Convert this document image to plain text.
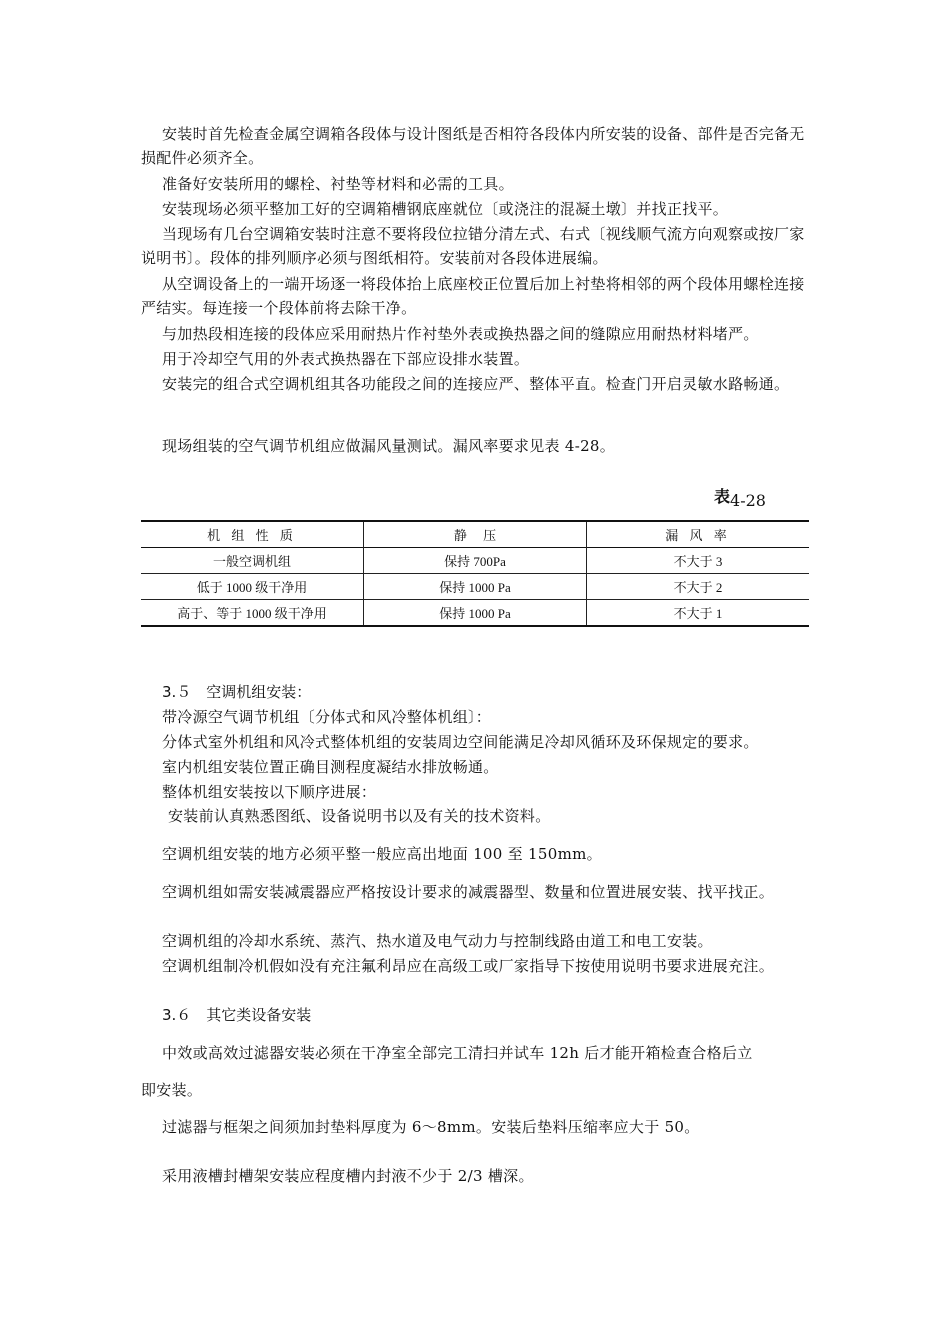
安装时首先检查金属空调箱各段体与设计图纸是否相符各段体内所安装的设备、部件是否完备无损配件必须齐全。

准备好安装所用的螺栓、衬垫等材料和必需的工具。

安装现场必须平整加工好的空调箱槽钢底座就位〔或浇注的混凝土墩〕并找正找平。

当现场有几台空调箱安装时注意不要将段位拉错分清左式、右式〔视线顺气流方向观察或按厂家说明书〕。段体的排列顺序必须与图纸相符。安装前对各段体进展编。

从空调设备上的一端开场逐一将段体抬上底座校正位置后加上衬垫将相邻的两个段体用螺栓连接严结实。每连接一个段体前将去除干净。

与加热段相连接的段体应采用耐热片作衬垫外表或换热器之间的缝隙应用耐热材料堵严。

用于冷却空气用的外表式换热器在下部应设排水装置。

安装完的组合式空调机组其各功能段之间的连接应严、整体平直。检查门开启灵敏水路畅通。

现场组装的空气调节机组应做漏风量测试。漏风率要求见表 4-28。

表4-28
机 组 性 质	静　 压	漏 风 率
一般空调机组	保持 700Pa	不大于 3
低于 1000 级干净用	保持 1000 Pa	不大于 2
高于、等于 1000 级干净用	保持 1000 Pa	不大于 1

3.５　空调机组安装：

带冷源空气调节机组〔分体式和风冷整体机组〕：

分体式室外机组和风冷式整体机组的安装周边空间能满足冷却风循环及环保规定的要求。

室内机组安装位置正确目测程度凝结水排放畅通。

整体机组安装按以下顺序进展：

安装前认真熟悉图纸、设备说明书以及有关的技术资料。

空调机组安装的地方必须平整一般应高出地面 100 至 150mm。

空调机组如需安装减震器应严格按设计要求的减震器型、数量和位置进展安装、找平找正。

空调机组的冷却水系统、蒸汽、热水道及电气动力与控制线路由道工和电工安装。

空调机组制冷机假如没有充注氟利昂应在高级工或厂家指导下按使用说明书要求进展充注。

3.６　其它类设备安装

中效或高效过滤器安装必须在干净室全部完工清扫并试车 12h 后才能开箱检查合格后立

即安装。

过滤器与框架之间须加封垫料厚度为 6～8mm。安装后垫料压缩率应大于 50。

采用液槽封槽架安装应程度槽内封液不少于 2/3 槽深。
